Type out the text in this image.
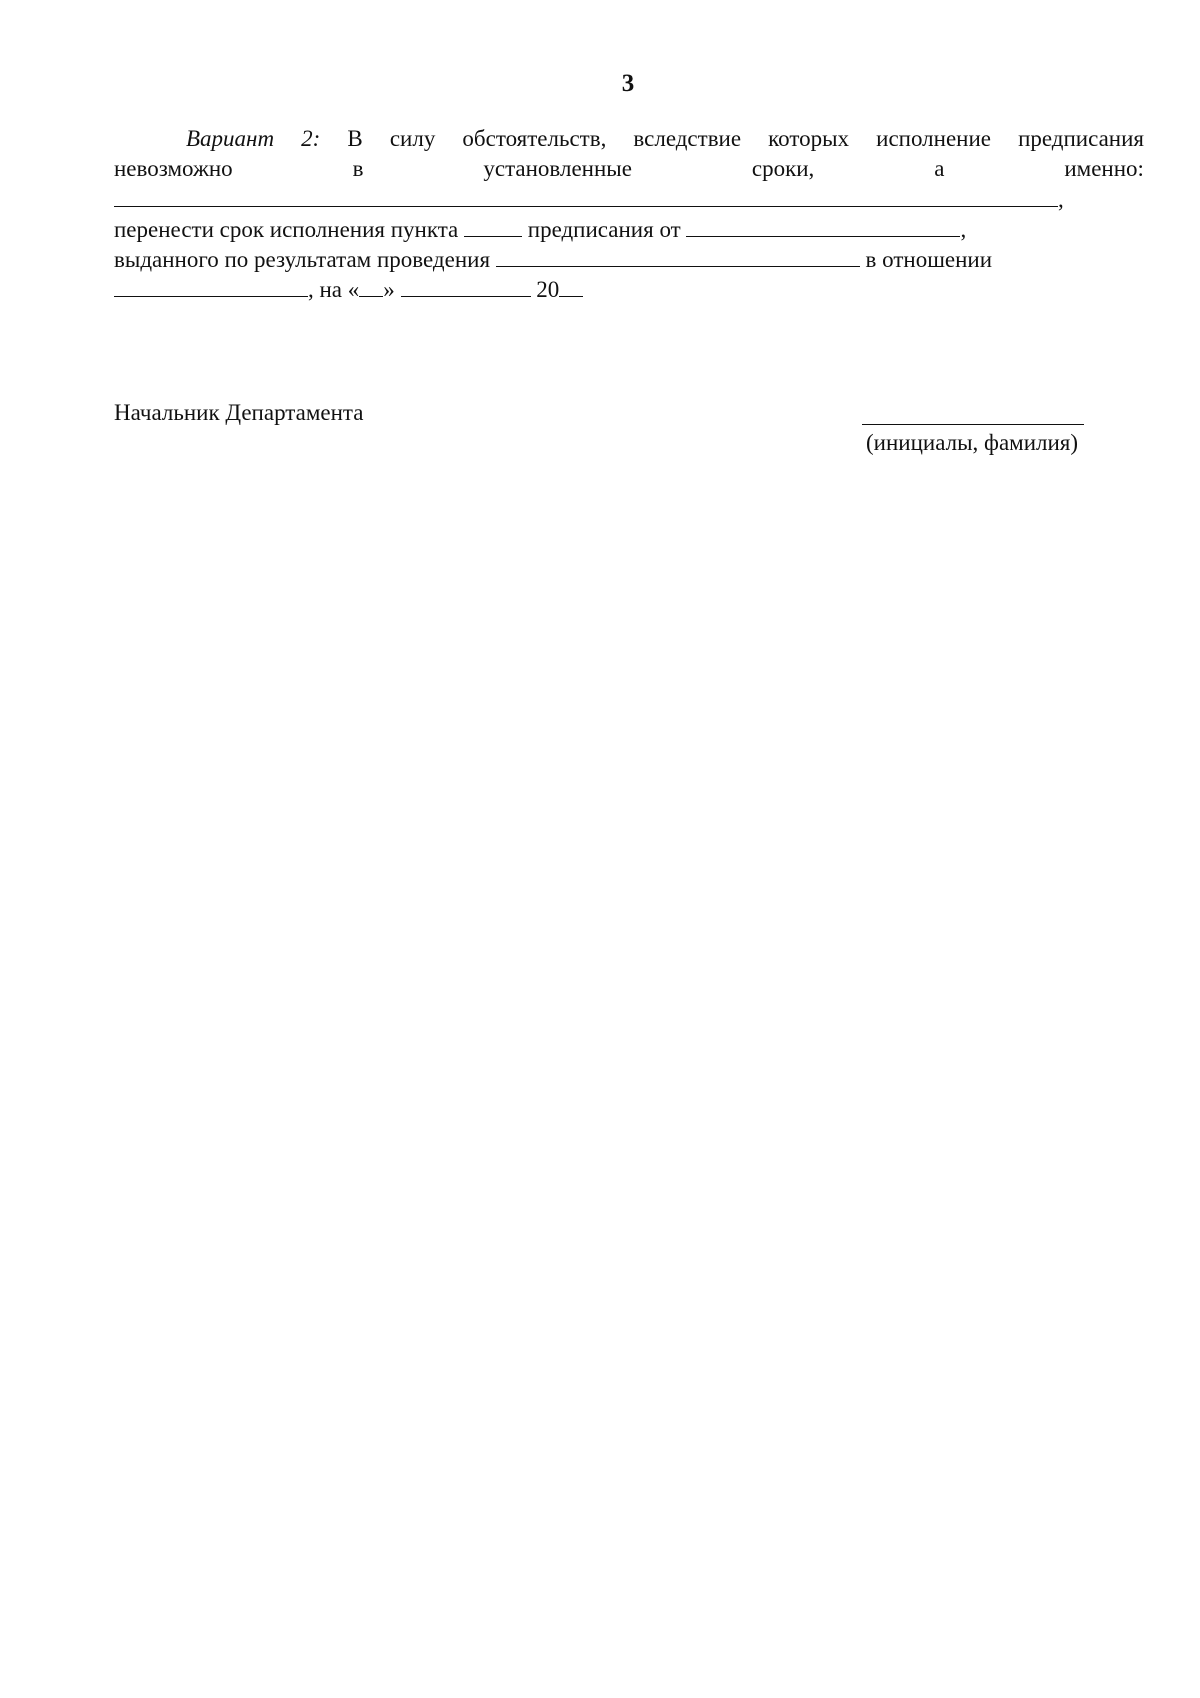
3
Вариант 2: В силу обстоятельств, вследствие которых исполнение предписания
невозможно	в	установленные	сроки,	а	именно:
,
перенести срок исполнения пункта	предписания от	,
выданного по результатам проведения	в отношении
, на « »	20
Начальник Департамента
(инициалы, фамилия)
